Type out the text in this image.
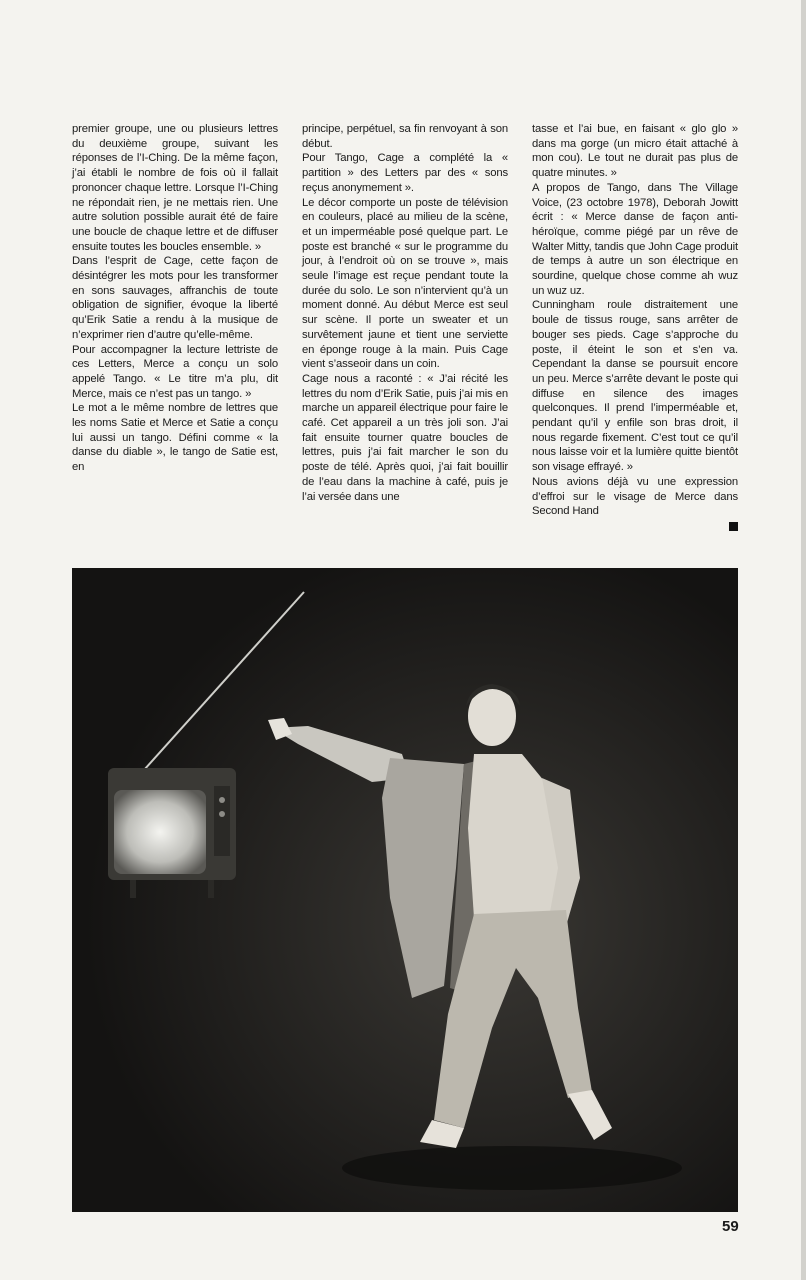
premier groupe, une ou plusieurs lettres du deuxième groupe, suivant les réponses de l’I-Ching. De la même façon, j’ai établi le nombre de fois où il fallait prononcer chaque lettre. Lorsque l’I-Ching ne répondait rien, je ne mettais rien. Une autre solution possible aurait été de faire une boucle de chaque lettre et de diffuser ensuite toutes les boucles ensemble. »

Dans l’esprit de Cage, cette façon de désintégrer les mots pour les transformer en sons sauvages, affranchis de toute obligation de signifier, évoque la liberté qu’Erik Satie a rendu à la musique de n’exprimer rien d’autre qu’elle-même.

Pour accompagner la lecture lettriste de ces Letters, Merce a conçu un solo appelé Tango. « Le titre m’a plu, dit Merce, mais ce n’est pas un tango. »

Le mot a le même nombre de lettres que les noms Satie et Merce et Satie a conçu lui aussi un tango. Défini comme « la danse du diable », le tango de Satie est, en

principe, perpétuel, sa fin renvoyant à son début.

Pour Tango, Cage a complété la « partition » des Letters par des « sons reçus anonymement ».

Le décor comporte un poste de télévision en couleurs, placé au milieu de la scène, et un imperméable posé quelque part. Le poste est branché « sur le programme du jour, à l’endroit où on se trouve », mais seule l’image est reçue pendant toute la durée du solo. Le son n’intervient qu’à un moment donné. Au début Merce est seul sur scène. Il porte un sweater et un survêtement jaune et tient une serviette en éponge rouge à la main. Puis Cage vient s’asseoir dans un coin.

Cage nous a raconté : « J’ai récité les lettres du nom d’Erik Satie, puis j’ai mis en marche un appareil électrique pour faire le café. Cet appareil a un très joli son. J’ai fait ensuite tourner quatre boucles de lettres, puis j’ai fait marcher le son du poste de télé. Après quoi, j’ai fait bouillir de l’eau dans la machine à café, puis je l’ai versée dans une

tasse et l’ai bue, en faisant « glo glo » dans ma gorge (un micro était attaché à mon cou). Le tout ne durait pas plus de quatre minutes. »

A propos de Tango, dans The Village Voice, (23 octobre 1978), Deborah Jowitt écrit : « Merce danse de façon anti-héroïque, comme piégé par un rêve de Walter Mitty, tandis que John Cage produit de temps à autre un son électrique en sourdine, quelque chose comme ah wuz un wuz uz.

Cunningham roule distraitement une boule de tissus rouge, sans arrêter de bouger ses pieds. Cage s’approche du poste, il éteint le son et s’en va. Cependant la danse se poursuit encore un peu. Merce s’arrête devant le poste qui diffuse en silence des images quelconques. Il prend l’imperméable et, pendant qu’il y enfile son bras droit, il nous regarde fixement. C’est tout ce qu’il nous laisse voir et la lumière quitte bientôt son visage effrayé. »

Nous avions déjà vu une expression d’effroi sur le visage de Merce dans Second Hand

59
